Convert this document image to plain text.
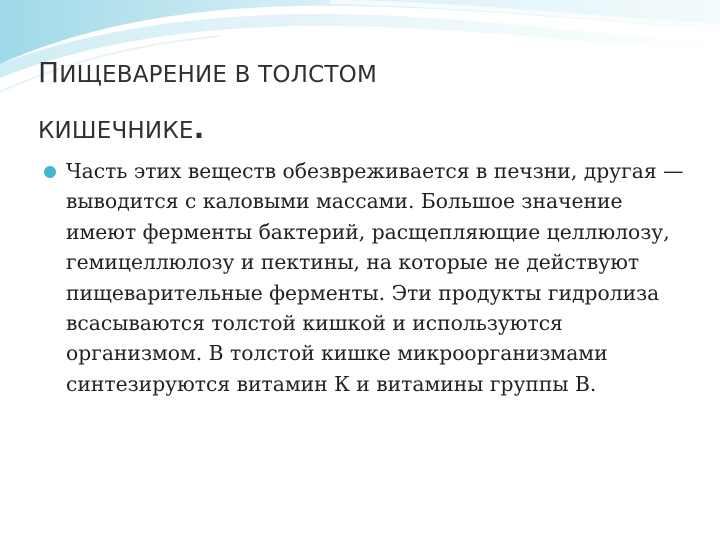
ПИЩЕВАРЕНИЕ В ТОЛСТОМ
КИШЕЧНИКЕ.

Часть этих веществ обезвреживается в печзни, другая — выводится с каловыми массами. Большое значение имеют ферменты бактерий, расщепляющие целлюлозу, гемицеллюлозу и пектины, на которые не действуют пищеварительные ферменты. Эти продукты гидролиза всасываются толстой кишкой и используются организмом. В толстой кишке микроорганизмами синтезируются витамин К и витамины группы В.
